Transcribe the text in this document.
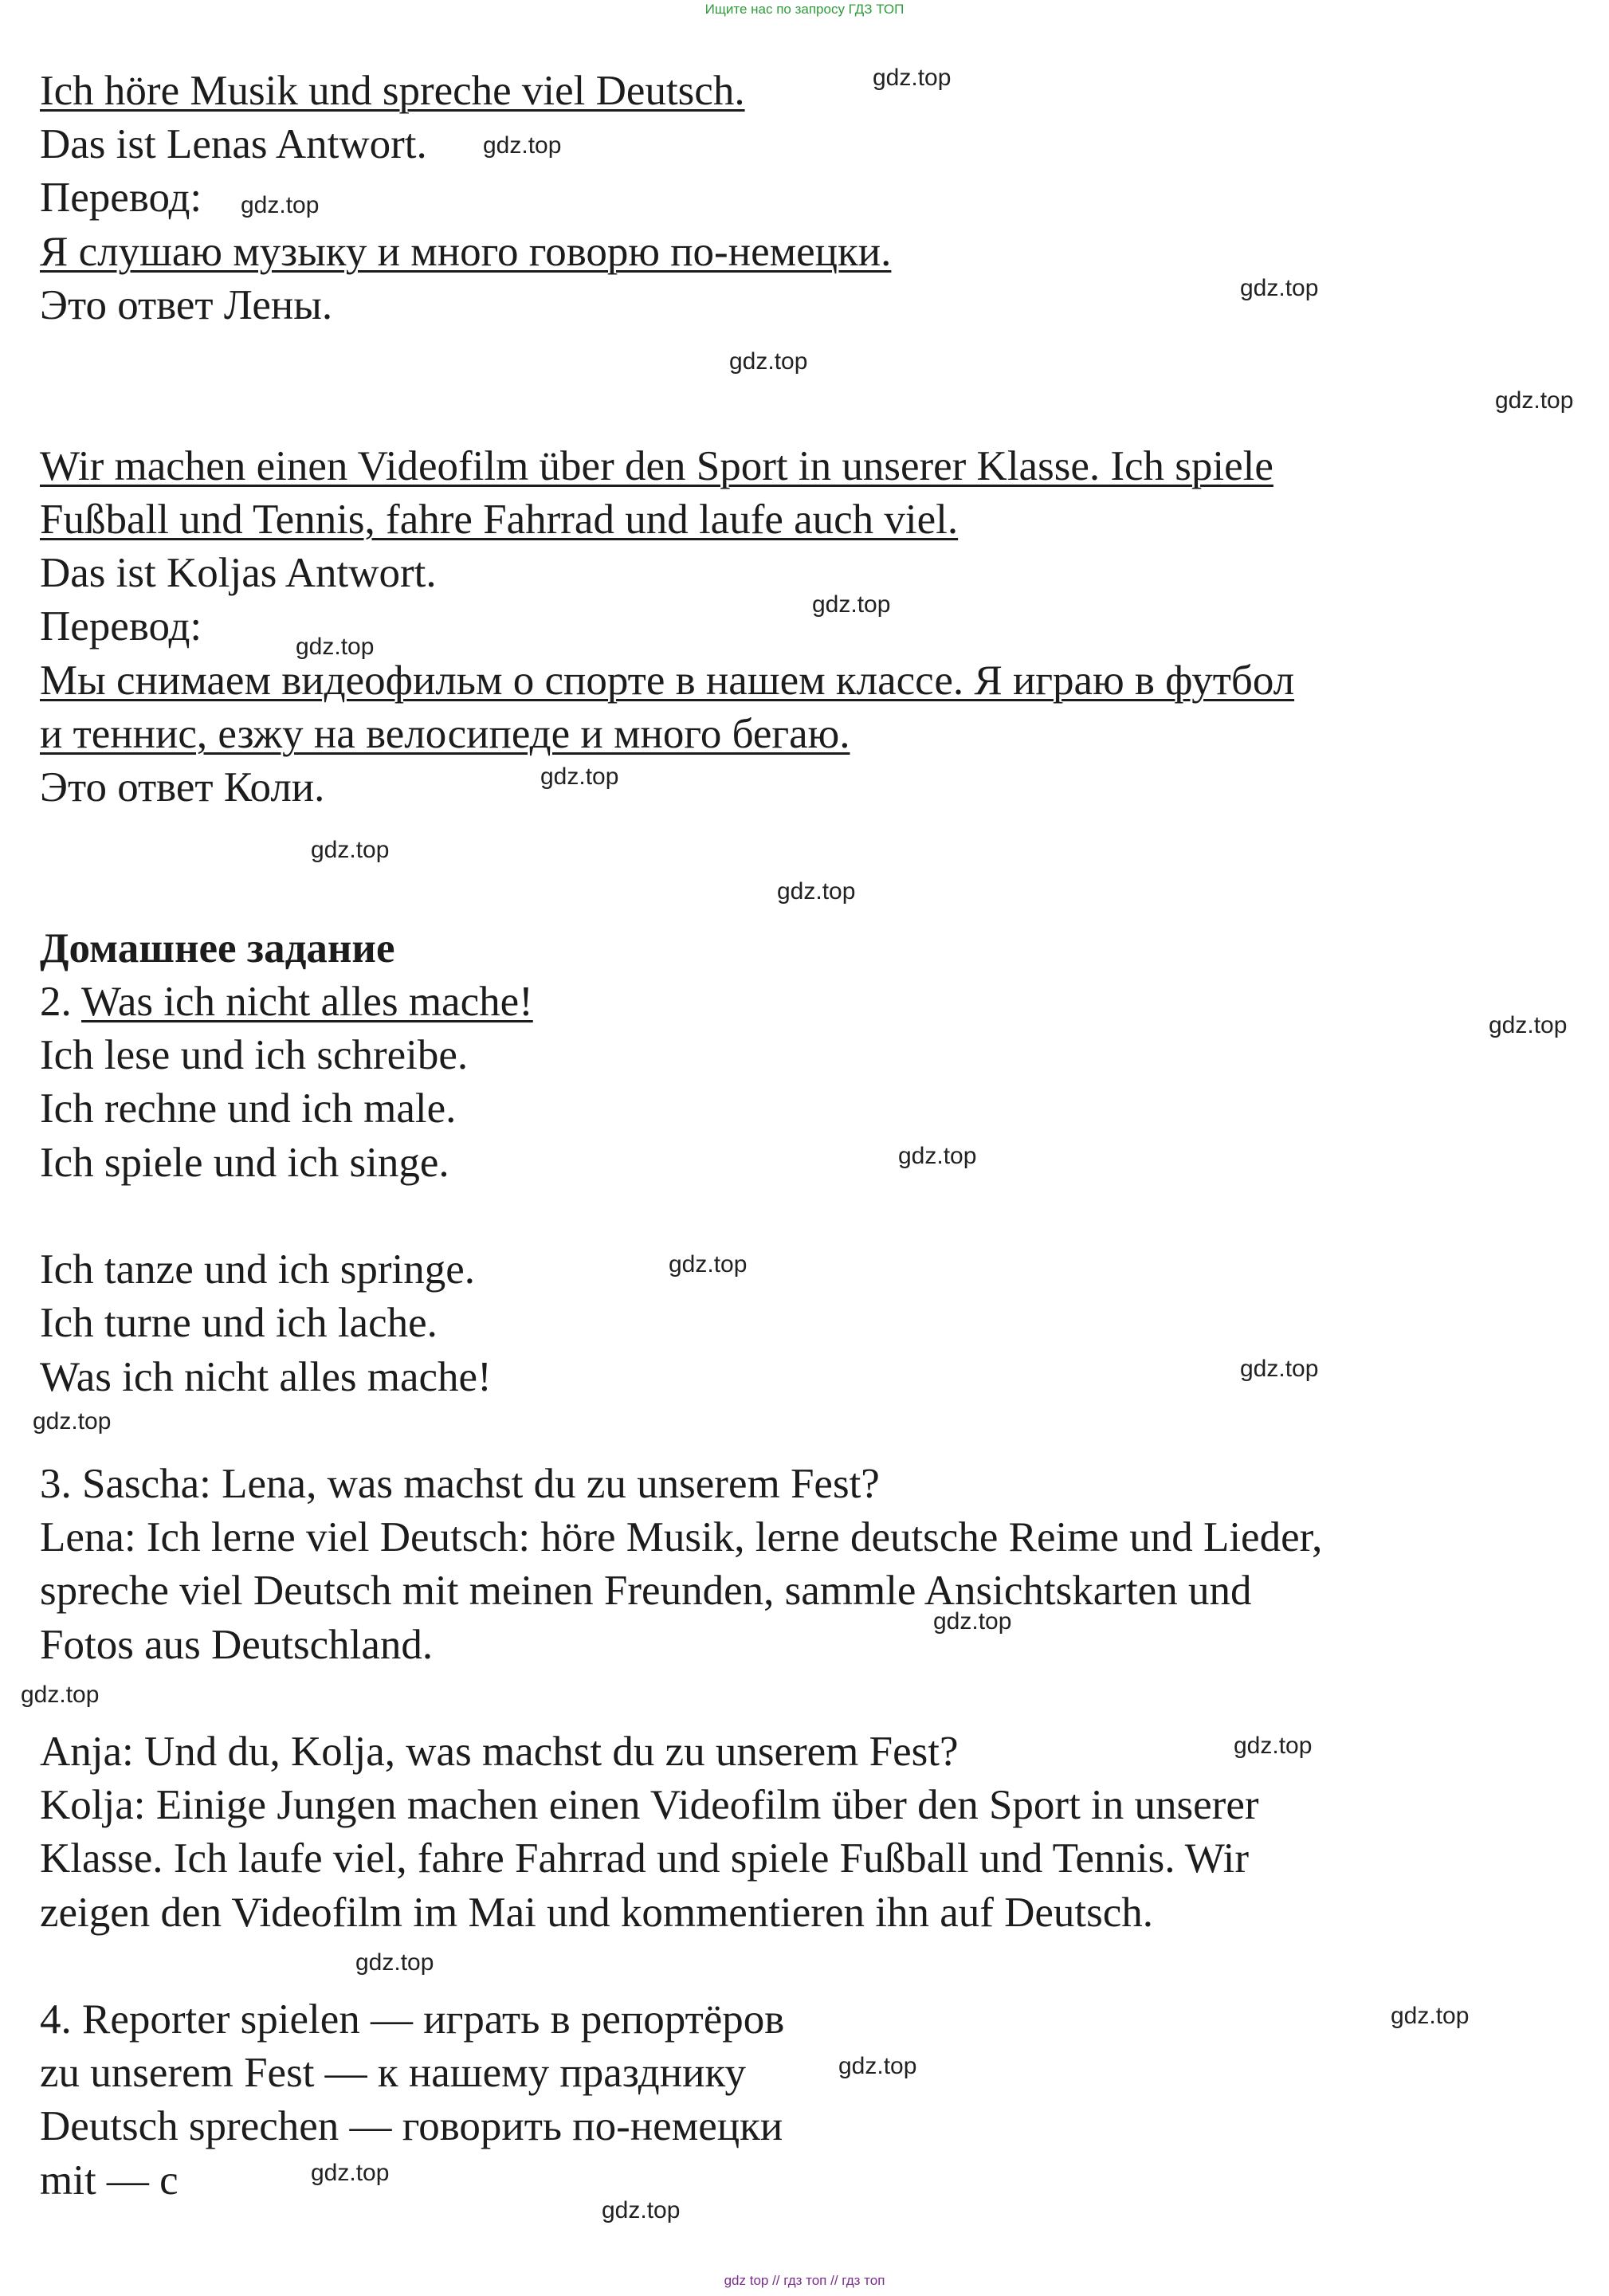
Ищите нас по запросу ГДЗ ТОП
Ich höre Musik und spreche viel Deutsch.
Das ist Lenas Antwort.
Перевод:
Я слушаю музыку и много говорю по-немецки.
Это ответ Лены.
Wir machen einen Videofilm über den Sport in unserer Klasse. Ich spiele
Fußball und Tennis, fahre Fahrrad und laufe auch viel.
Das ist Koljas Antwort.
Перевод:
Мы снимаем видеофильм о спорте в нашем классе. Я играю в футбол
и теннис, езжу на велосипеде и много бегаю.
Это ответ Коли.
Домашнее задание
2. Was ich nicht alles mache!
Ich lese und ich schreibe.
Ich rechne und ich male.
Ich spiele und ich singe.
Ich tanze und ich springe.
Ich turne und ich lache.
Was ich nicht alles mache!
3. Sascha: Lena, was machst du zu unserem Fest?
Lena: Ich lerne viel Deutsch: höre Musik, lerne deutsche Reime und Lieder,
spreche viel Deutsch mit meinen Freunden, sammle Ansichtskarten und
Fotos aus Deutschland.
Anja: Und du, Kolja, was machst du zu unserem Fest?
Kolja: Einige Jungen machen einen Videofilm über den Sport in unserer
Klasse. Ich laufe viel, fahre Fahrrad und spiele Fußball und Tennis. Wir
zeigen den Videofilm im Mai und kommentieren ihn auf Deutsch.
4. Reporter spielen — играть в репортёров
zu unserem Fest — к нашему празднику
Deutsch sprechen — говорить по-немецки
mit — с
gdz.top
gdz.top
gdz.top
gdz.top
gdz.top
gdz.top
gdz.top
gdz.top
gdz.top
gdz.top
gdz.top
gdz.top
gdz.top
gdz.top
gdz.top
gdz.top
gdz.top
gdz.top
gdz.top
gdz.top
gdz.top
gdz.top
gdz.top
gdz.top
gdz top // гдз топ // гдз топ
